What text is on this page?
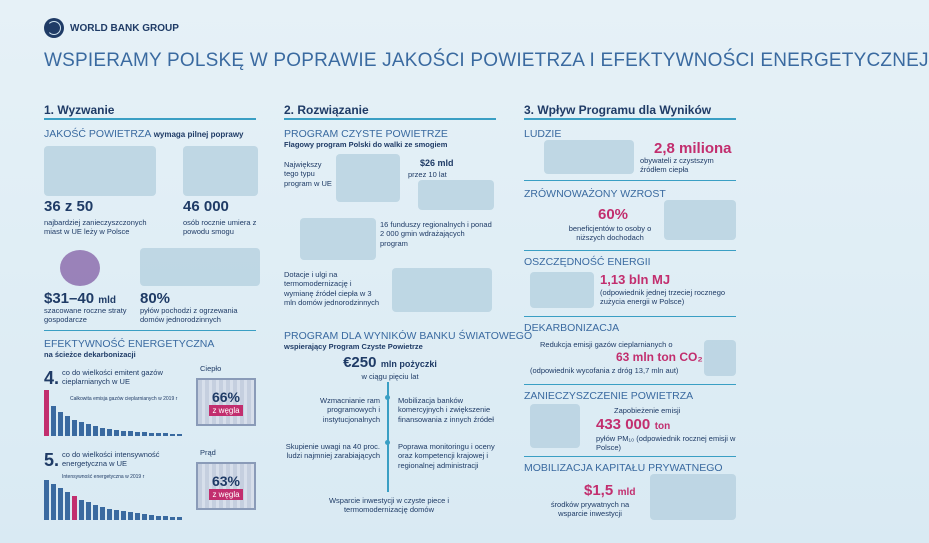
WORLD BANK GROUP
WSPIERAMY POLSKĘ W POPRAWIE JAKOŚCI POWIETRZA I EFEKTYWNOŚCI ENERGETYCZNEJ
1. Wyzwanie
JAKOŚĆ POWIETRZA wymaga pilnej poprawy
36 z 50
najbardziej zanieczyszczonych miast w UE leży w Polsce
46 000
osób rocznie umiera z powodu smogu
$31–40 mld
szacowane roczne straty gospodarcze
80%
pyłów pochodzi z ogrzewania domów jednorodzinnych
EFEKTYWNOŚĆ ENERGETYCZNA
na ścieżce dekarbonizacji
4. co do wielkości emitent gazów cieplarnianych w UE
Całkowita emisja gazów cieplarnianych w 2019 r
Ciepło
66%
z węgla
5. co do wielkości intensywność energetyczna w UE
Intensywność energetyczna w 2019 r
Prąd
63%
z węgla
2. Rozwiązanie
PROGRAM CZYSTE POWIETRZE
Flagowy program Polski do walki ze smogiem
Największy tego typu program w UE
$26 mld
przez 10 lat
16 funduszy regionalnych i ponad 2 000 gmin wdrażających program
Dotacje i ulgi na termomodernizację i wymianę źródeł ciepła w 3 mln domów jednorodzinnych
PROGRAM DLA WYNIKÓW BANKU ŚWIATOWEGO
wspierający Program Czyste Powietrze
€250 mln pożyczki
w ciągu pięciu lat
Wzmacnianie ram programowych i instytucjonalnych
Mobilizacja banków komercyjnych i zwiększenie finansowania z innych źródeł
Skupienie uwagi na 40 proc. ludzi najmniej zarabiających
Poprawa monitoringu i oceny oraz kompetencji krajowej i regionalnej administracji
Wsparcie inwestycji w czyste piece i termomodernizację domów
3. Wpływ Programu dla Wyników
LUDZIE
2,8 miliona
obywateli z czystszym źródłem ciepła
ZRÓWNOWAŻONY WZROST
60%
beneficjentów to osoby o niższych dochodach
OSZCZĘDNOŚĆ ENERGII
1,13 bln MJ
(odpowiednik jednej trzeciej rocznego zużycia energii w Polsce)
DEKARBONIZACJA
Redukcja emisji gazów cieplarnianych o
63 mln ton CO₂
(odpowiednik wycofania z dróg 13,7 mln aut)
ZANIECZYSZCZENIE POWIETRZA
Zapobieżenie emisji
433 000 ton
pyłów PM₁₀ (odpowiednik rocznej emisji w Polsce)
MOBILIZACJA KAPITAŁU PRYWATNEGO
$1,5 mld
środków prywatnych na wsparcie inwestycji
